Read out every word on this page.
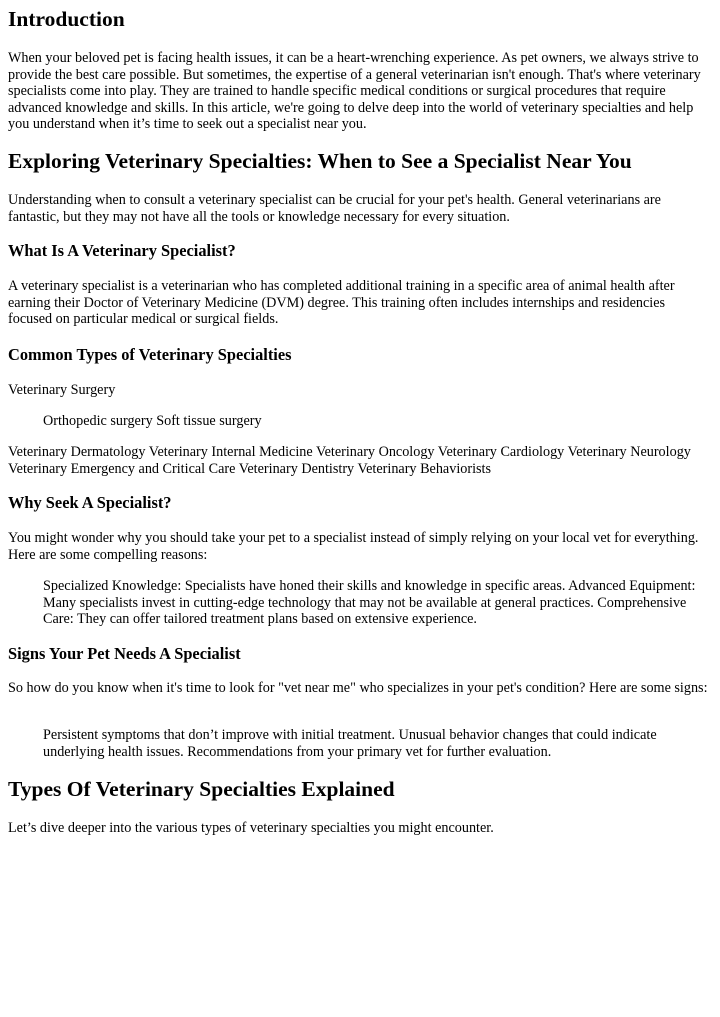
Introduction

When your beloved pet is facing health issues, it can be a heart-wrenching experience. As pet owners, we always strive to provide the best care possible. But sometimes, the expertise of a general veterinarian isn't enough. That's where veterinary specialists come into play. They are trained to handle specific medical conditions or surgical procedures that require advanced knowledge and skills. In this article, we're going to delve deep into the world of veterinary specialties and help you understand when it’s time to seek out a specialist near you.

Exploring Veterinary Specialties: When to See a Specialist Near You

Understanding when to consult a veterinary specialist can be crucial for your pet's health. General veterinarians are fantastic, but they may not have all the tools or knowledge necessary for every situation.

What Is A Veterinary Specialist?

A veterinary specialist is a veterinarian who has completed additional training in a specific area of animal health after earning their Doctor of Veterinary Medicine (DVM) degree. This training often includes internships and residencies focused on particular medical or surgical fields.

Common Types of Veterinary Specialties

Veterinary Surgery

Orthopedic surgery Soft tissue surgery

Veterinary Dermatology Veterinary Internal Medicine Veterinary Oncology Veterinary Cardiology Veterinary Neurology Veterinary Emergency and Critical Care Veterinary Dentistry Veterinary Behaviorists

Why Seek A Specialist?

You might wonder why you should take your pet to a specialist instead of simply relying on your local vet for everything. Here are some compelling reasons:

Specialized Knowledge: Specialists have honed their skills and knowledge in specific areas. Advanced Equipment: Many specialists invest in cutting-edge technology that may not be available at general practices. Comprehensive Care: They can offer tailored treatment plans based on extensive experience.

Signs Your Pet Needs A Specialist

So how do you know when it's time to look for "vet near me" who specializes in your pet's condition? Here are some signs:

Persistent symptoms that don’t improve with initial treatment. Unusual behavior changes that could indicate underlying health issues. Recommendations from your primary vet for further evaluation.

Types Of Veterinary Specialties Explained

Let’s dive deeper into the various types of veterinary specialties you might encounter.
